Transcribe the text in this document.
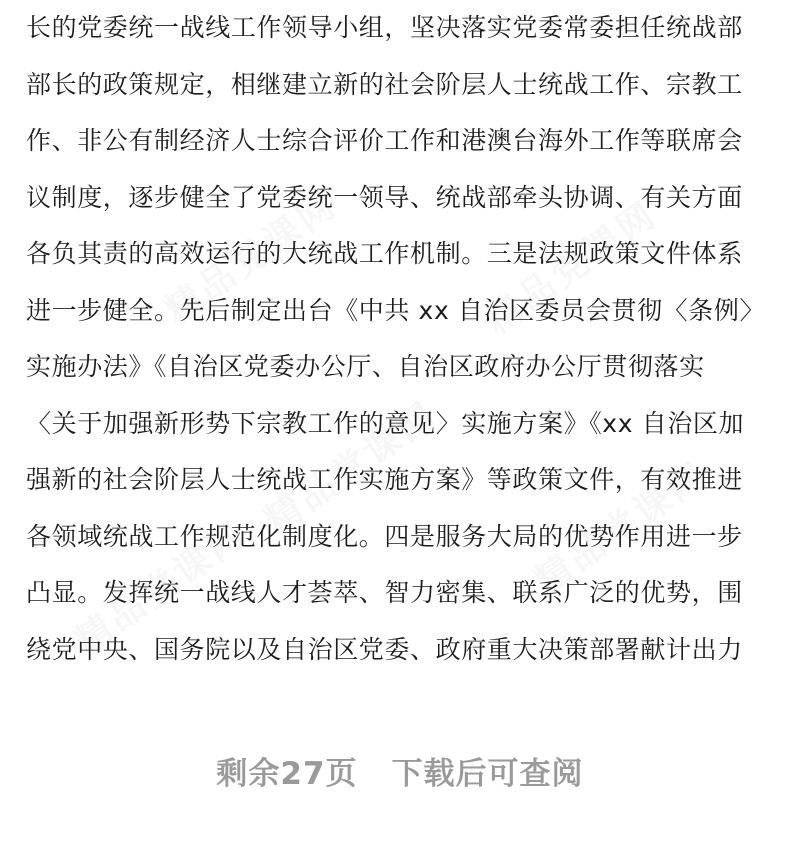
精品党课网	精品党课网
精品党课网 精品党课网
精品党课网
长的党委统一战线工作领导小组，坚决落实党委常委担任统战部
部长的政策规定，相继建立新的社会阶层人士统战工作、宗教工
作、非公有制经济人士综合评价工作和港澳台海外工作等联席会
议制度，逐步健全了党委统一领导、统战部牵头协调、有关方面
各负其责的高效运行的大统战工作机制。三是法规政策文件体系
进一步健全。先后制定出台《中共 xx 自治区委员会贯彻〈条例〉
实施办法》《自治区党委办公厅、自治区政府办公厅贯彻落实
〈关于加强新形势下宗教工作的意见〉实施方案》《xx 自治区加
强新的社会阶层人士统战工作实施方案》等政策文件，有效推进
各领域统战工作规范化制度化。四是服务大局的优势作用进一步
凸显。发挥统一战线人才荟萃、智力密集、联系广泛的优势，围
绕党中央、国务院以及自治区党委、政府重大决策部署献计出力
剩余27页 下载后可查阅
